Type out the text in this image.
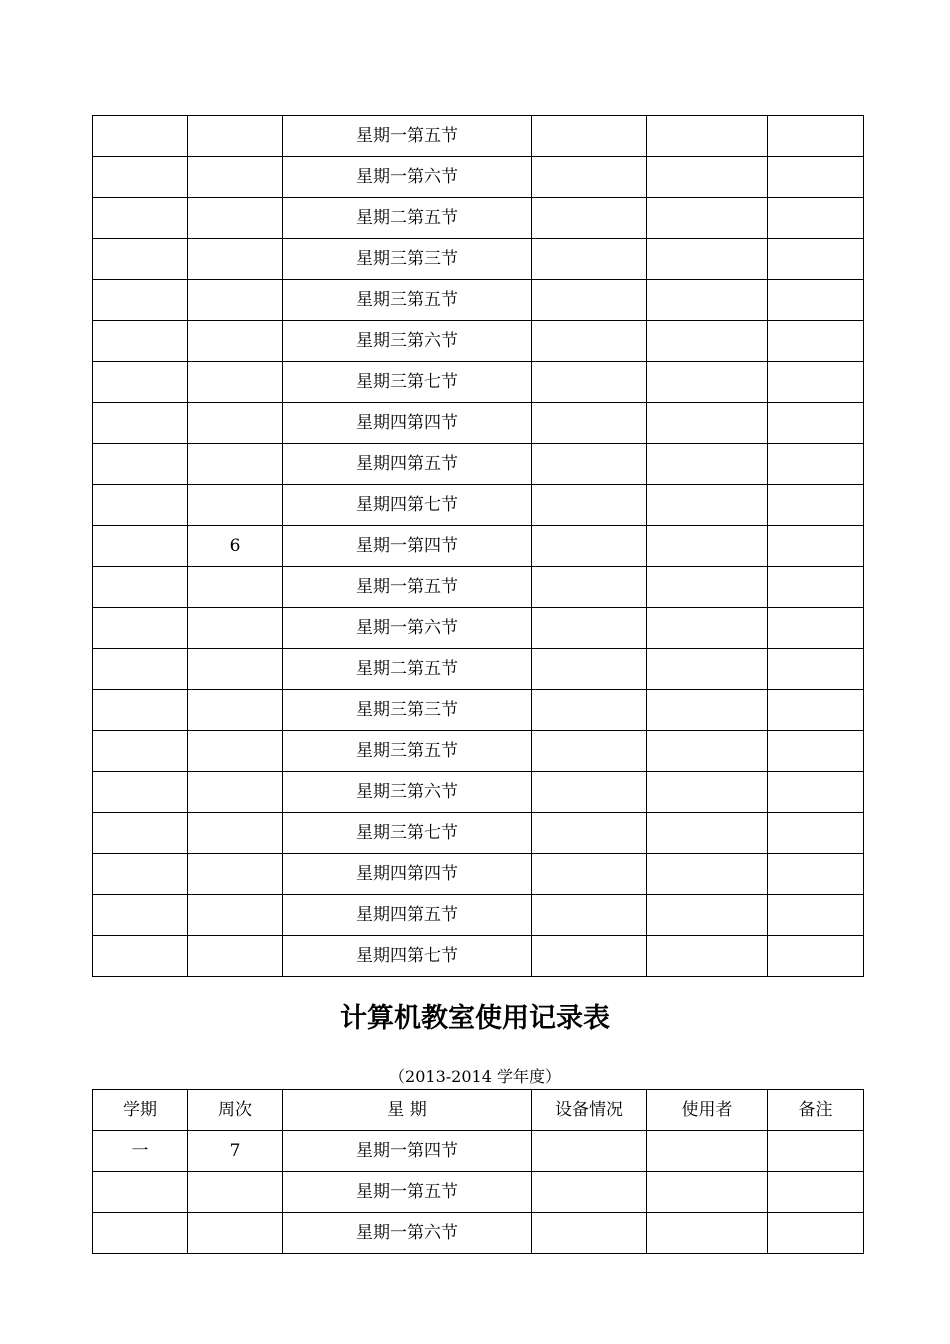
		星期一第五节			
		星期一第六节			
		星期二第五节			
		星期三第三节			
		星期三第五节			
		星期三第六节			
		星期三第七节			
		星期四第四节			
		星期四第五节			
		星期四第七节			
	6	星期一第四节			
		星期一第五节			
		星期一第六节			
		星期二第五节			
		星期三第三节			
		星期三第五节			
		星期三第六节			
		星期三第七节			
		星期四第四节			
		星期四第五节			
		星期四第七节			
计算机教室使用记录表
（2013-2014 学年度）
学期	周次	星 期	设备情况	使用者	备注
一	7	星期一第四节			
		星期一第五节			
		星期一第六节			
